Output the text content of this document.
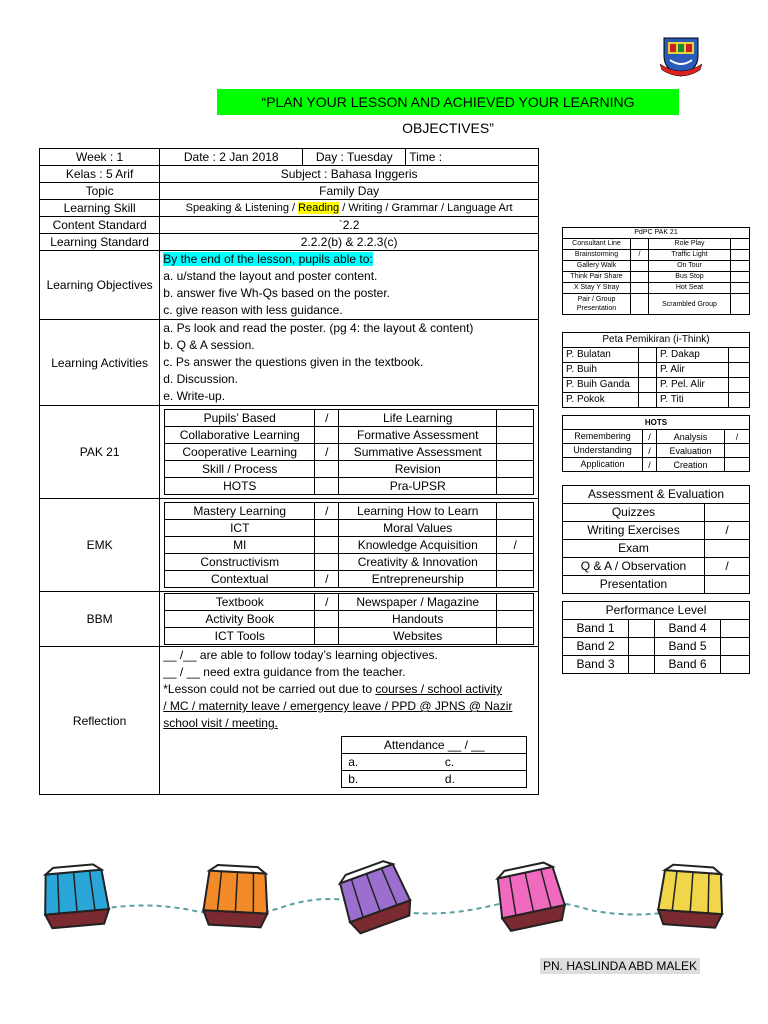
“PLAN YOUR LESSON AND ACHIEVED YOUR LEARNING OBJECTIVES”
Week : 1		Date : 2 Jan 2018	Day : Tuesday	Time :

Kelas : 5 Arif	Subject : Bahasa Inggeris
Topic	Family Day
Learning Skill	Speaking & Listening / Reading / Writing / Grammar / Language Art
Content Standard	`2.2
Learning Standard	2.2.2(b) & 2.2.3(c)
Learning Objectives	
By the end of the lesson, pupils able to:
a. u/stand the layout and poster content.
b. answer five Wh-Qs based on the poster.
c. give reason with less guidance.

Learning Activities	
a. Ps look and read the poster. (pg 4: the layout & content)
b. Q & A session.
c. Ps answer the questions given in the textbook.
d. Discussion.
e. Write-up.

PAK 21	
Pupils’ Based	/	Life Learning	
Collaborative Learning		Formative Assessment	
Cooperative Learning	/	Summative Assessment	
Skill / Process		Revision	
HOTS		Pra-UPSR	

EMK	
Mastery Learning	/	Learning How to Learn	
ICT		Moral Values	
MI		Knowledge Acquisition	/
Constructivism		Creativity & Innovation	
Contextual	/	Entrepreneurship	

BBM	
Textbook	/	Newspaper / Magazine	
Activity Book		Handouts	
ICT Tools		Websites	

Reflection	
__ /__ are able to follow today’s learning objectives.
__ / __ need extra guidance from the teacher.
*Lesson could not be carried out due to courses / school activity
/ MC / maternity leave / emergency leave / PPD @ JPNS @ Nazir
school visit / meeting.
Attendance __ / __
a.	c.
b.	d.
PdPC PAK 21			
Consultant Line		Role Play	
Brainstorming	/	Traffic Light	
Gallery Walk		On Tour	
Think Pair Share		Bus Stop	
X Stay Y Stray		Hot Seat	
Pair / Group Presentation		Scrambled Group	
Peta Pemikiran (i-Think)			
P. Bulatan		P. Dakap	
P. Buih		P. Alir	
P. Buih Ganda		P. Pel. Alir	
P. Pokok		P. Titi	
HOTS			
Remembering	/	Analysis	/
Understanding	/	Evaluation	
Application	/	Creation	
Assessment & Evaluation	
Quizzes	
Writing Exercises	/
Exam	
Q & A / Observation	/
Presentation	
Performance Level			
Band 1		Band 4	
Band 2		Band 5	
Band 3		Band 6	
PN. HASLINDA ABD MALEK
